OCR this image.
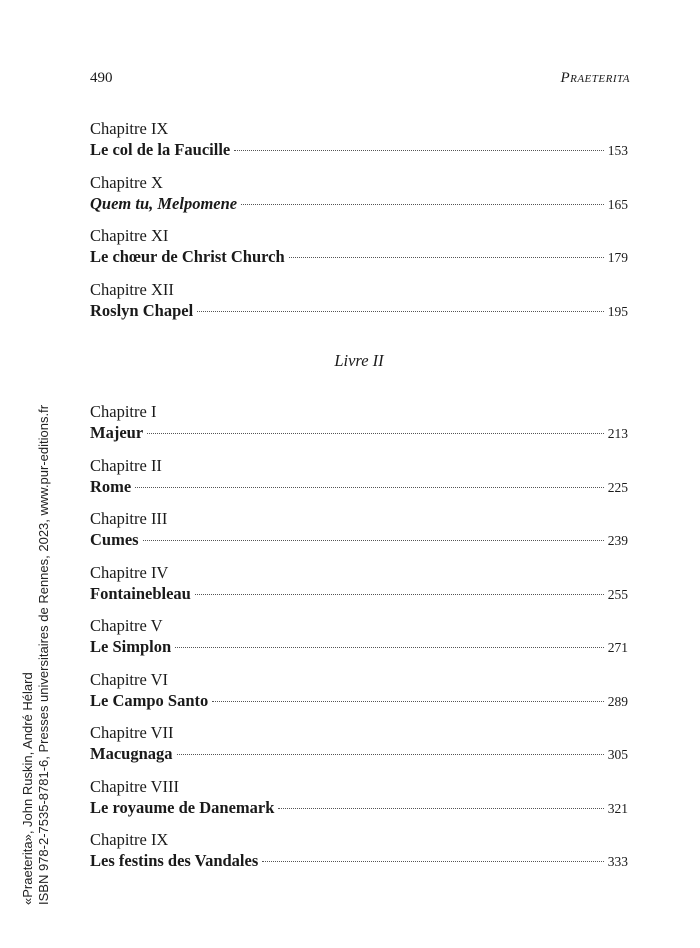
490	Praeterita
Chapitre IX
Le col de la Faucille	153
Chapitre X
Quem tu, Melpomene	165
Chapitre XI
Le chœur de Christ Church	179
Chapitre XII
Roslyn Chapel	195
Livre II
Chapitre I
Majeur	213
Chapitre II
Rome	225
Chapitre III
Cumes	239
Chapitre IV
Fontainebleau	255
Chapitre V
Le Simplon	271
Chapitre VI
Le Campo Santo	289
Chapitre VII
Macugnaga	305
Chapitre VIII
Le royaume de Danemark	321
Chapitre IX
Les festins des Vandales	333
«Praeterita», John Ruskin, André Hélard ISBN 978-2-7535-8781-6, Presses universitaires de Rennes, 2023, www.pur-editions.fr
